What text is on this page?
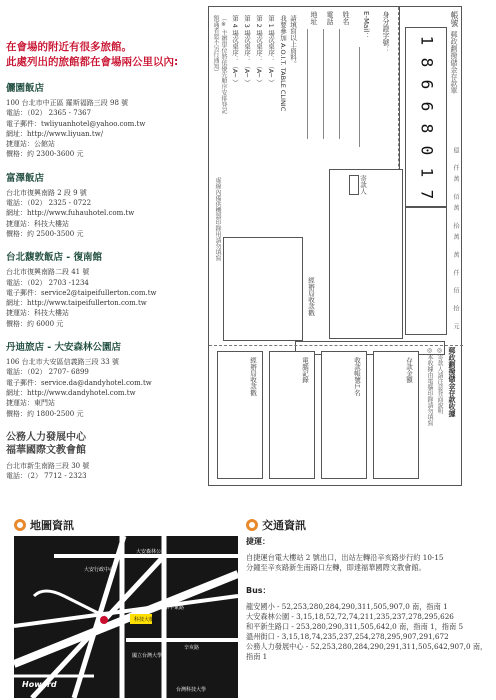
在會場的附近有很多旅館。
此處列出的旅館都在會場兩公里以內:
儷園飯店
100 台北市中正區 羅斯福路三段 98 號
電話：（02） 2365 - 7367
電子郵件：twliyuanhotel@yahoo.com.tw
網址：http://www.liyuan.tw/
捷運站：公館站
價格：約 2300-3600 元
富澤飯店
台北市復興南路 2 段 9 號
電話：（02） 2325 - 0722
網址：http://www.fuhauhotel.com.tw
捷運站：科技大樓站
價格：約 2500-3500 元
台北馥敦飯店 - 復南館
台北市復興南路二段 41 號
電話：（02） 2703 -1234
電子郵件：service2@taipeifullerton.com.tw
網址：http://www.taipeifullerton.com.tw
捷運站：科技大樓站
價格：約 6000 元
丹迪旅店 - 大安森林公園店
106 台北市大安區信義路三段 33 號
電話：（02） 2707- 6899
電子郵件：service.da@dandyhotel.com.tw
網址：http://www.dandyhotel.com.tw
捷運站：東門站
價格：約 1800-2500 元
公務人力發展中心
福華國際文教會館
台北市新生南路三段 30 號
電話：（2） 7712 - 2323
帳號
郵政劃撥儲金存款單
1
8
6
6
8
0
1
7	億 仟萬 佰萬 拾萬 萬 仟 佰 拾 元
寄款人
身分證字號：
E-Mail：
姓名
電話
地址
請填寫以上資料。
我要參加 A.O.I.T. TABLE CLINIC
第 1 場次桌序：（A─ ）
第 2 場次桌序：（A─ ）
第 3 場次桌序：（A─ ）
第 4 場次桌序：（A─ ）
（※ 主辦單位將依優先順序安排登記
額滿者恕不另行通知）
虛線內備供機器印錄用請勿填寫
經辦局收款戳
郵政劃撥儲金存款收據
◎寄款人請注意背面說明
◎本收據由電腦印錄請勿填寫
存款金額
收款帳號戶名
電腦記錄
經辦局收款戳
地圖資訊
大安森林公園
大安行政中心
和平東路
科技大樓站
國立台灣大學
台灣科技大學
辛亥路
Howard
交通資訊
捷運：
自捷運台電大樓站 2 號出口，出站左轉沿辛亥路步行約 10-15
分鐘至辛亥路新生南路口左轉，即達福華國際文教會館。
Bus：
龍安國小 - 52,253,280,284,290,311,505,907,0 南，指南 1
大安森林公園 - 3,15,18,52,72,74,211,235,237,278,295,626
和平新生路口 - 253,280,290,311,505,642,0 南，指南 1，指南 5
溫州街口 - 3,15,18,74,235,237,254,278,295,907,291,672
公務人力發展中心 - 52,253,280,284,290,291,311,505,642,907,0 南，
指南 1
